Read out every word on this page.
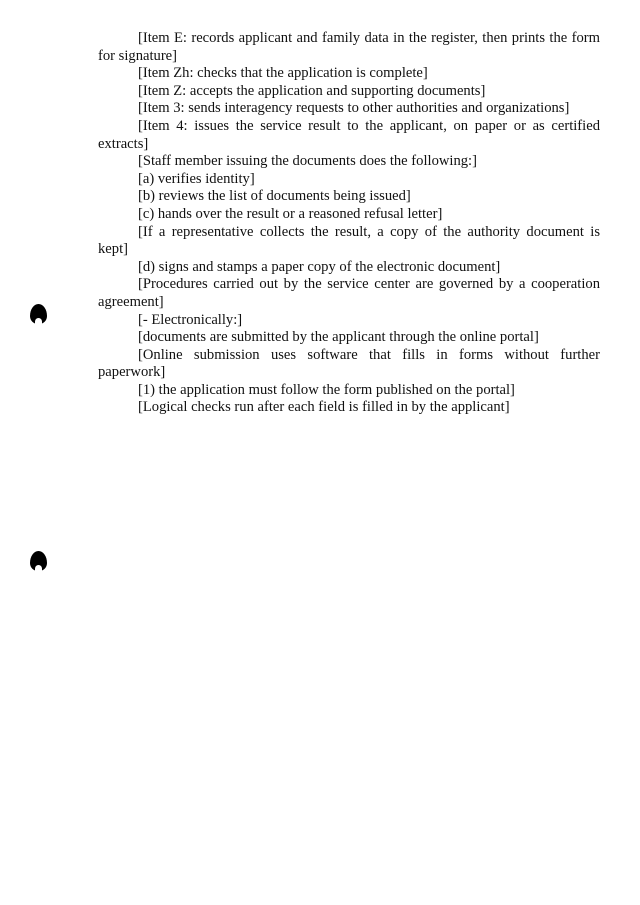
[Item E: records applicant and family data in the register, then prints the form for signature]

[Item Zh: checks that the application is complete]

[Item Z: accepts the application and supporting documents]

[Item 3: sends interagency requests to other authorities and organizations]

[Item 4: issues the service result to the applicant, on paper or as certified extracts]

[Staff member issuing the documents does the following:]

[a) verifies identity]

[b) reviews the list of documents being issued]

[c) hands over the result or a reasoned refusal letter]

[If a representative collects the result, a copy of the authority document is kept]

[d) signs and stamps a paper copy of the electronic document]

[Procedures carried out by the service center are governed by a cooperation agreement]

[- Electronically:]

[documents are submitted by the applicant through the online portal]

[Online submission uses software that fills in forms without further paperwork]

[1) the application must follow the form published on the portal]

[Logical checks run after each field is filled in by the applicant]
